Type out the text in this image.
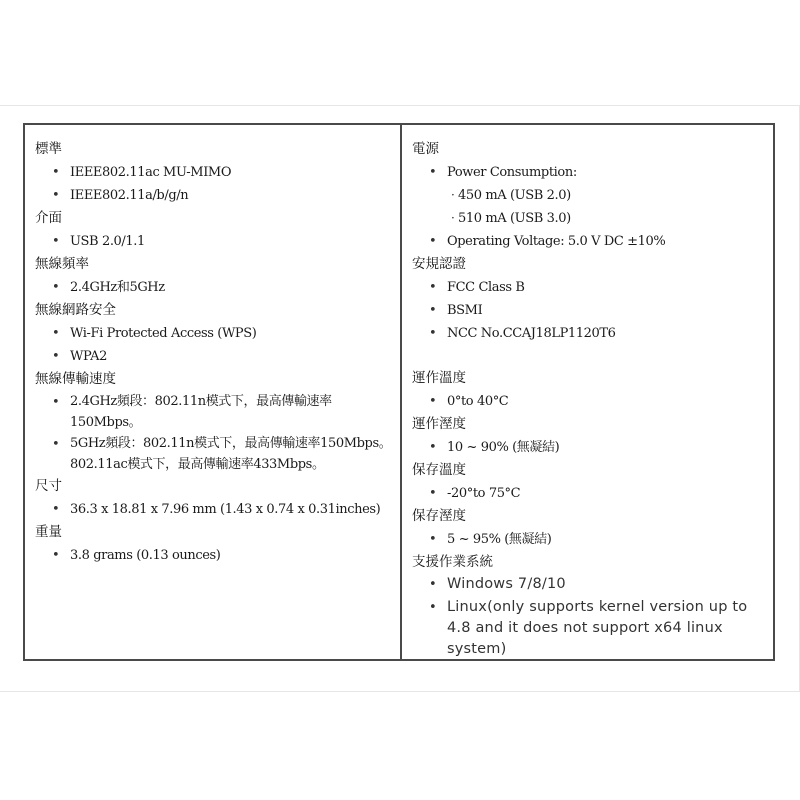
標準
• IEEE802.11ac MU-MIMO
• IEEE802.11a/b/g/n
介面
• USB 2.0/1.1
無線頻率
• 2.4GHz和5GHz
無線網路安全
• Wi-Fi Protected Access (WPS)
• WPA2
無線傳輸速度
• 2.4GHz頻段：802.11n模式下，最高傳輸速率150Mbps。
• 5GHz頻段：802.11n模式下，最高傳輸速率150Mbps。802.11ac模式下，最高傳輸速率433Mbps。
尺寸
• 36.3 x 18.81 x 7.96 mm (1.43 x 0.74 x 0.31inches)
重量
• 3.8 grams (0.13 ounces)
電源
• Power Consumption:
· 450 mA (USB 2.0)
· 510 mA (USB 3.0)
• Operating Voltage: 5.0 V DC ±10%
安規認證
• FCC Class B
• BSMI
• NCC No.CCAJ18LP1120T6
運作溫度
• 0°to 40°C
運作溼度
• 10 ~ 90% (無凝結)
保存溫度
• -20°to 75°C
保存溼度
• 5 ~ 95% (無凝結)
支援作業系統
• Windows 7/8/10
• Linux(only supports kernel version up to 4.8 and it does not support x64 linux system)
